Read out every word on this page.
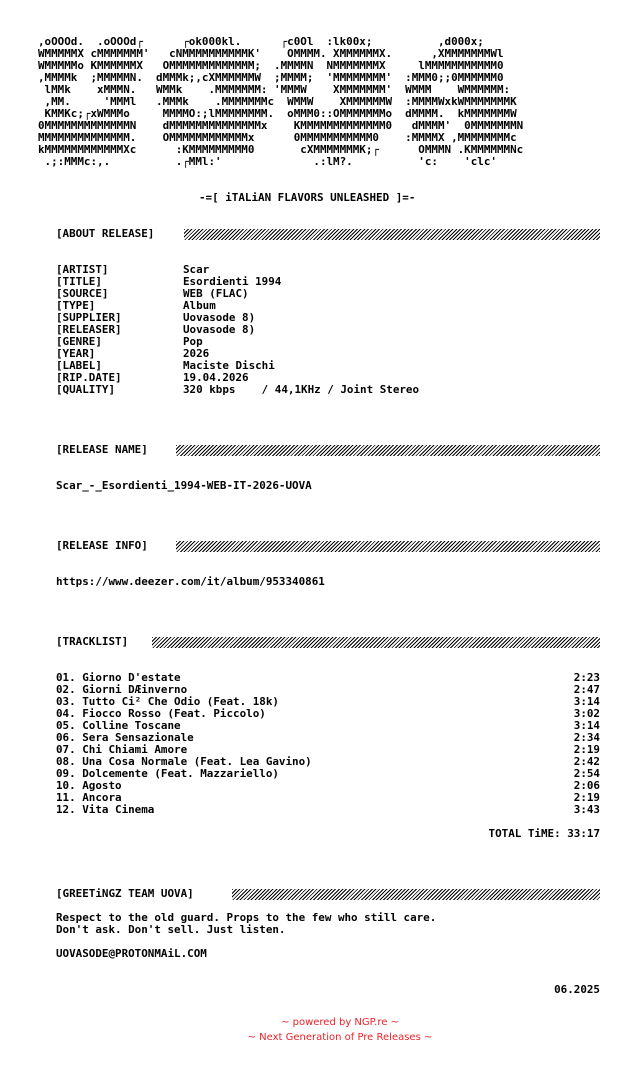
,oOOOd.  .oOOOd┌      ┌ok000kl.      ┌c0Ol  :lk00x;          ,d000x;
WMMMMMX cMMMMMMM'   cNMMMMMMMMMMK'    OMMMM. XMMMMMMX.      ,XMMMMMMMWl
WMMMMMo KMMMMMMX   OMMMMMMMMMMMMM;  .MMMMN  NMMMMMMMX     lMMMMMMMMMMM0
,MMMMk  ;MMMMMN.  dMMMk;,cXMMMMMMW  ;MMMM;  'MMMMMMMM'  :MMM0;;0MMMMMM0
lMMk    xMMMN.   WMMk    .MMMMMMM: 'MMMW    XMMMMMMM'  WMMM    WMMMMMM:
,MM.     'MMMl   .MMMk    .MMMMMMMc  WMMW    XMMMMMMW  :MMMMWxkWMMMMMMMK
KMMKc;┌xWMMMo     MMMMO:;lMMMMMMMM.  oMMM0::OMMMMMMMo  dMMMM.  kMMMMMMMW
0MMMMMMMMMMMMMN    dMMMMMMMMMMMMMMx    KMMMMMMMMMMMMM0   dMMMM'  0MMMMMMMN
MMMMMMMMMMMMMM.    OMMMMMMMMMMMMx      0MMMMMMMMMMM0    :MMMMX ,MMMMMMMMc
kMMMMMMMMMMMMXc      :KMMMMMMMMM0       cXMMMMMMMK;┌      OMMMN .KMMMMMMNc
.;:MMMc:,.          .┌MMl:'              .:lM?.          'c:    'clc'
-=[ iTALiAN FLAVORS UNLEASHED ]=-
[ABOUT RELEASE]
[ARTIST]	Scar
[TITLE]	Esordienti 1994
[SOURCE]	WEB (FLAC)
[TYPE]	Album
[SUPPLIER]	Uovasode 8)
[RELEASER]	Uovasode 8)
[GENRE]	Pop
[YEAR]	2026
[LABEL]	Maciste Dischi
[RIP.DATE]	19.04.2026
[QUALITY]	320 kbps    / 44,1KHz / Joint Stereo
[RELEASE NAME]
Scar_-_Esordienti_1994-WEB-IT-2026-UOVA
[RELEASE INFO]
https://www.deezer.com/it/album/953340861
[TRACKLIST]
01. Giorno D'estate	2:23
02. Giorni DÆinverno	2:47
03. Tutto Ci² Che Odio (Feat. 18k)	3:14
04. Fiocco Rosso (Feat. Piccolo)	3:02
05. Colline Toscane	3:14
06. Sera Sensazionale	2:34
07. Chi Chiami Amore	2:19
08. Una Cosa Normale (Feat. Lea Gavino)	2:42
09. Dolcemente (Feat. Mazzariello)	2:54
10. Agosto	2:06
11. Ancora	2:19
12. Vita Cinema	3:43
TOTAL TiME: 33:17
[GREETiNGZ TEAM UOVA]
Respect to the old guard. Props to the few who still care.
Don't ask. Don't sell. Just listen.
UOVASODE@PROTONMAiL.COM
06.2025
~ powered by NGP.re ~
~ Next Generation of Pre Releases ~
